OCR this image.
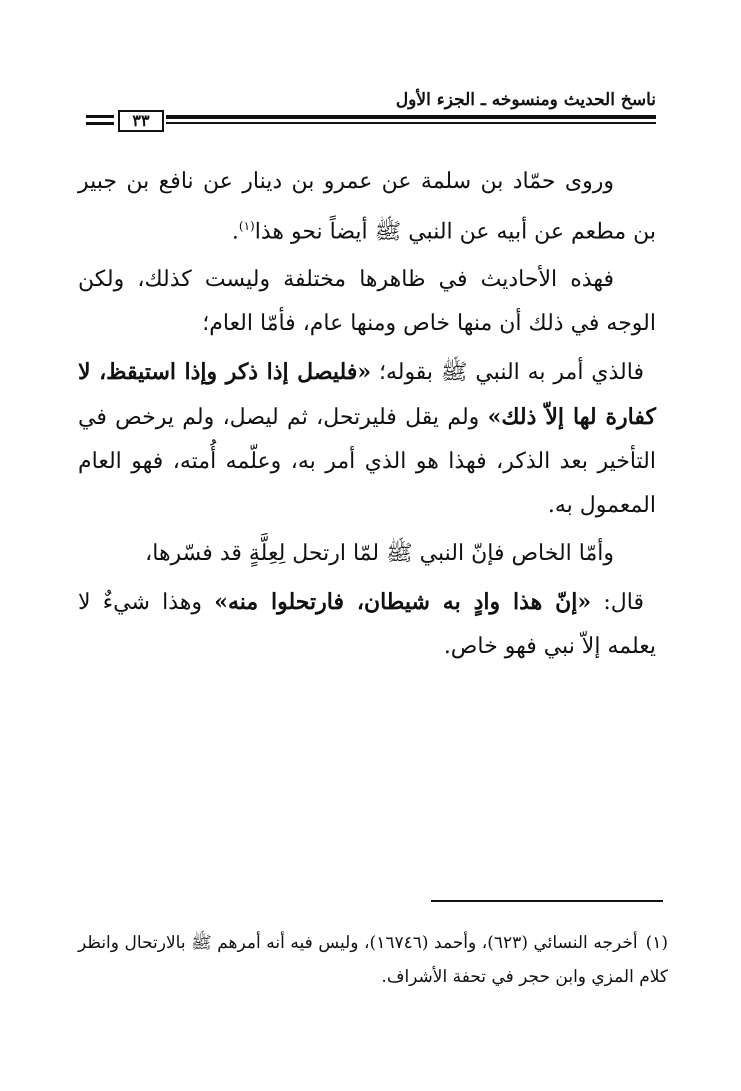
ناسخ الحديث ومنسوخه ـ الجزء الأول
٣٣

وروى حمّاد بن سلمة عن عمرو بن دينار عن نافع بن جبير بن مطعم عن أبيه عن النبي ﷺ أيضاً نحو هذا$^{(١)}$.

فهذه الأحاديث في ظاهرها مختلفة وليست كذلك، ولكن الوجه في ذلك أن منها خاص ومنها عام، فأمّا العام؛

فالذي أمر به النبي ﷺ بقوله؛ «فليصل إذا ذكر وإذا استيقظ، لا كفارة لها إلاّ ذلك» ولم يقل فليرتحل، ثم ليصل، ولم يرخص في التأخير بعد الذكر، فهذا هو الذي أمر به، وعلّمه أُمته، فهو العام المعمول به.

وأمّا الخاص فإنّ النبي ﷺ لمّا ارتحل لِعِلَّةٍ قد فسّرها،

قال: «إنّ هذا وادٍ به شيطان، فارتحلوا منه» وهذا شيءٌ لا يعلمه إلاّ نبي فهو خاص.

(١)أخرجه النسائي (٦٢٣)، وأحمد (١٦٧٤٦)، وليس فيه أنه أمرهم ﷺ بالارتحال وانظر كلام المزي وابن حجر في تحفة الأشراف.
